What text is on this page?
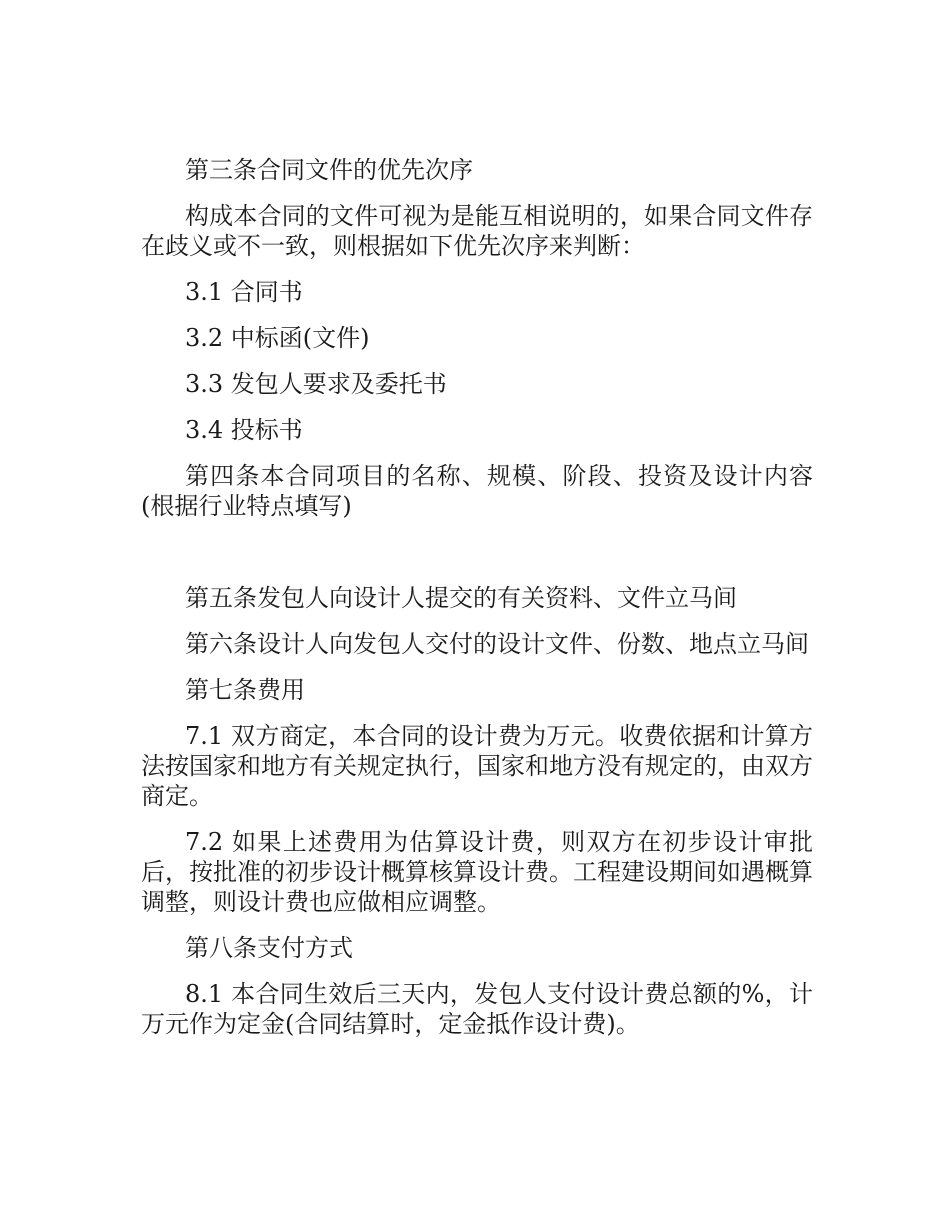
第三条合同文件的优先次序

构成本合同的文件可视为是能互相说明的，如果合同文件存在歧义或不一致，则根据如下优先次序来判断：

3.1 合同书

3.2 中标函(文件)

3.3 发包人要求及委托书

3.4 投标书

第四条本合同项目的名称、规模、阶段、投资及设计内容(根据行业特点填写)

第五条发包人向设计人提交的有关资料、文件立马间

第六条设计人向发包人交付的设计文件、份数、地点立马间

第七条费用

7.1 双方商定，本合同的设计费为万元。收费依据和计算方法按国家和地方有关规定执行，国家和地方没有规定的，由双方商定。

7.2 如果上述费用为估算设计费，则双方在初步设计审批后，按批准的初步设计概算核算设计费。工程建设期间如遇概算调整，则设计费也应做相应调整。

第八条支付方式

8.1 本合同生效后三天内，发包人支付设计费总额的%，计万元作为定金(合同结算时，定金抵作设计费)。
